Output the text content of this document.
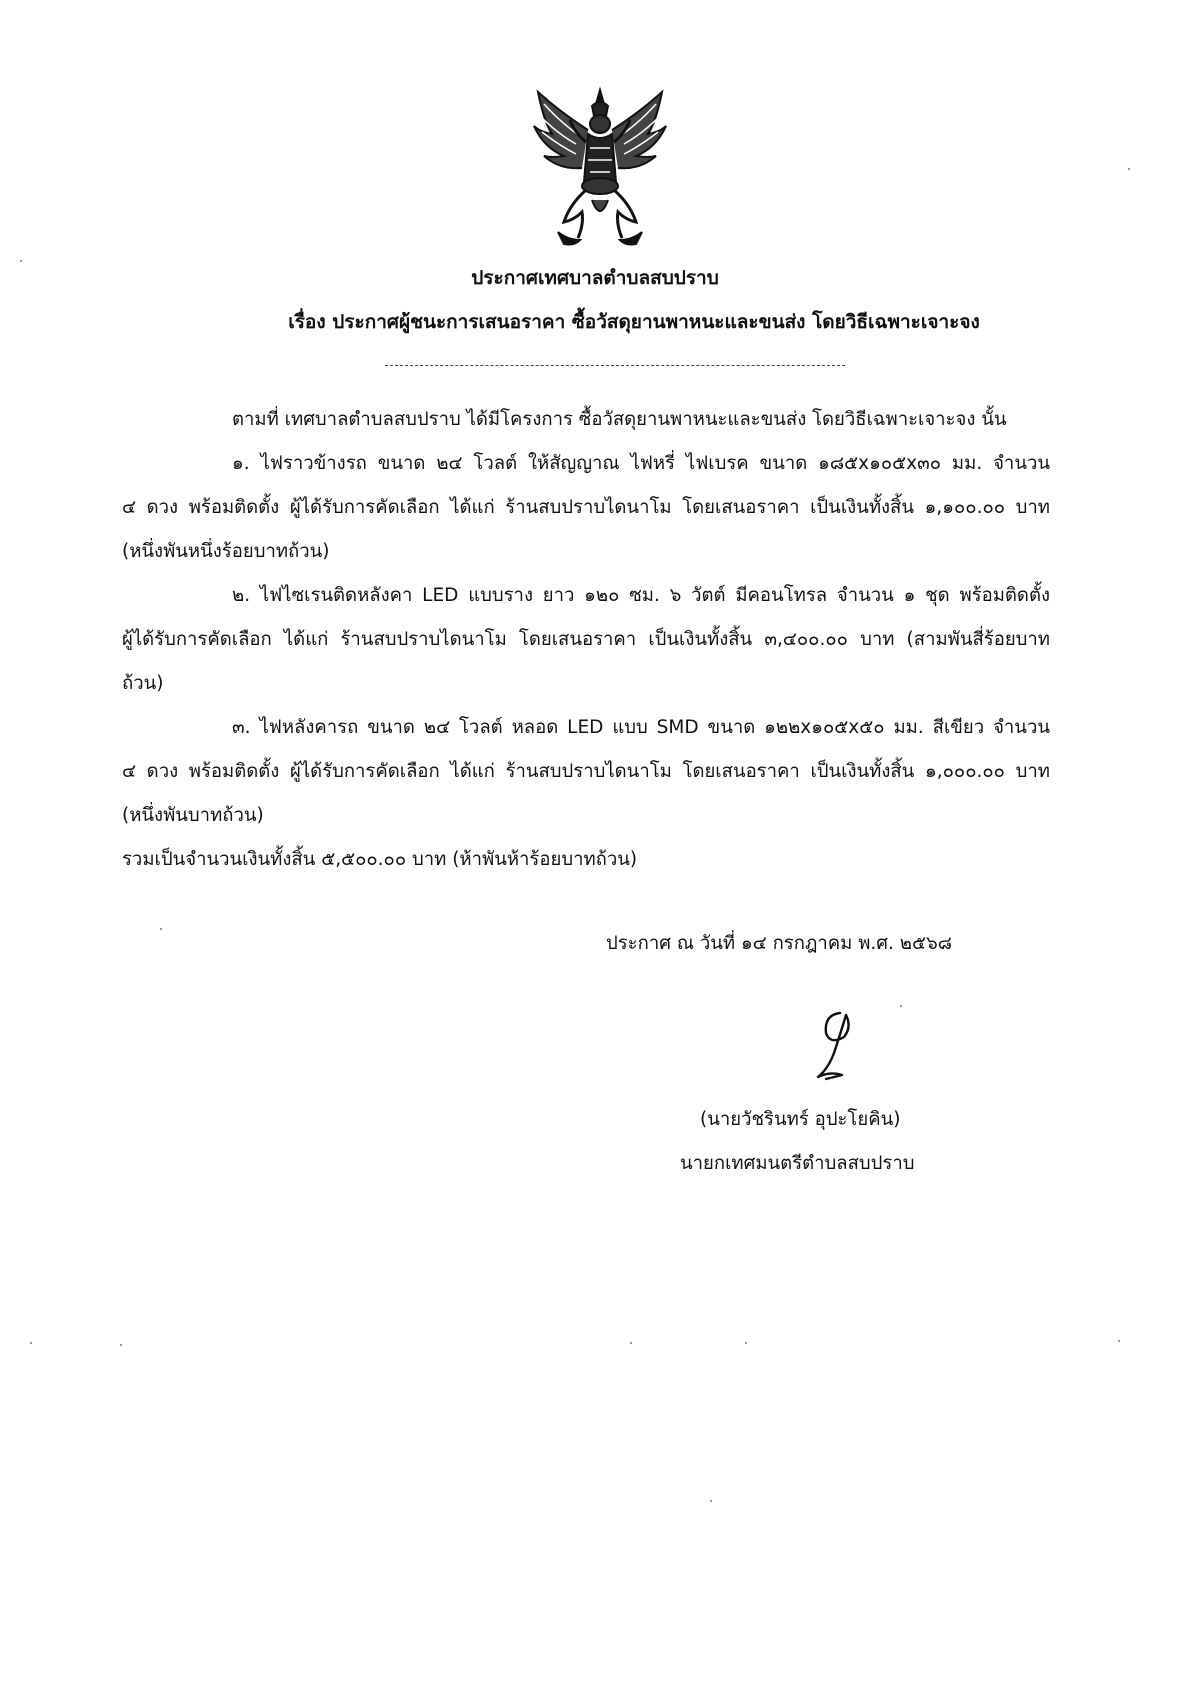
ประกาศเทศบาลตำบลสบปราบ
เรื่อง ประกาศผู้ชนะการเสนอราคา ซื้อวัสดุยานพาหนะและขนส่ง โดยวิธีเฉพาะเจาะจง
ตามที่ เทศบาลตำบลสบปราบ ได้มีโครงการ ซื้อวัสดุยานพาหนะและขนส่ง โดยวิธีเฉพาะเจาะจง นั้น
๑. ไฟราวข้างรถ ขนาด ๒๔ โวลต์ ให้สัญญาณ ไฟหรี่ ไฟเบรค ขนาด ๑๘๕x๑๐๕x๓๐ มม. จำนวน
๔ ดวง พร้อมติดตั้ง ผู้ได้รับการคัดเลือก ได้แก่ ร้านสบปราบไดนาโม โดยเสนอราคา เป็นเงินทั้งสิ้น ๑,๑๐๐.๐๐ บาท
(หนึ่งพันหนึ่งร้อยบาทถ้วน)
๒. ไฟไซเรนติดหลังคา LED แบบราง ยาว ๑๒๐ ซม. ๖ วัตต์ มีคอนโทรล จำนวน ๑ ชุด พร้อมติดตั้ง
ผู้ได้รับการคัดเลือก ได้แก่ ร้านสบปราบไดนาโม โดยเสนอราคา เป็นเงินทั้งสิ้น ๓,๔๐๐.๐๐ บาท (สามพันสี่ร้อยบาท
ถ้วน)
๓. ไฟหลังคารถ ขนาด ๒๔ โวลต์ หลอด LED แบบ SMD ขนาด ๑๒๒x๑๐๕x๕๐ มม. สีเขียว จำนวน
๔ ดวง พร้อมติดตั้ง ผู้ได้รับการคัดเลือก ได้แก่ ร้านสบปราบไดนาโม โดยเสนอราคา เป็นเงินทั้งสิ้น ๑,๐๐๐.๐๐ บาท
(หนึ่งพันบาทถ้วน)
รวมเป็นจำนวนเงินทั้งสิ้น ๕,๕๐๐.๐๐ บาท (ห้าพันห้าร้อยบาทถ้วน)
ประกาศ ณ วันที่ ๑๔ กรกฎาคม พ.ศ. ๒๕๖๘
(นายวัชรินทร์ อุปะโยคิน)
นายกเทศมนตรีตำบลสบปราบ
